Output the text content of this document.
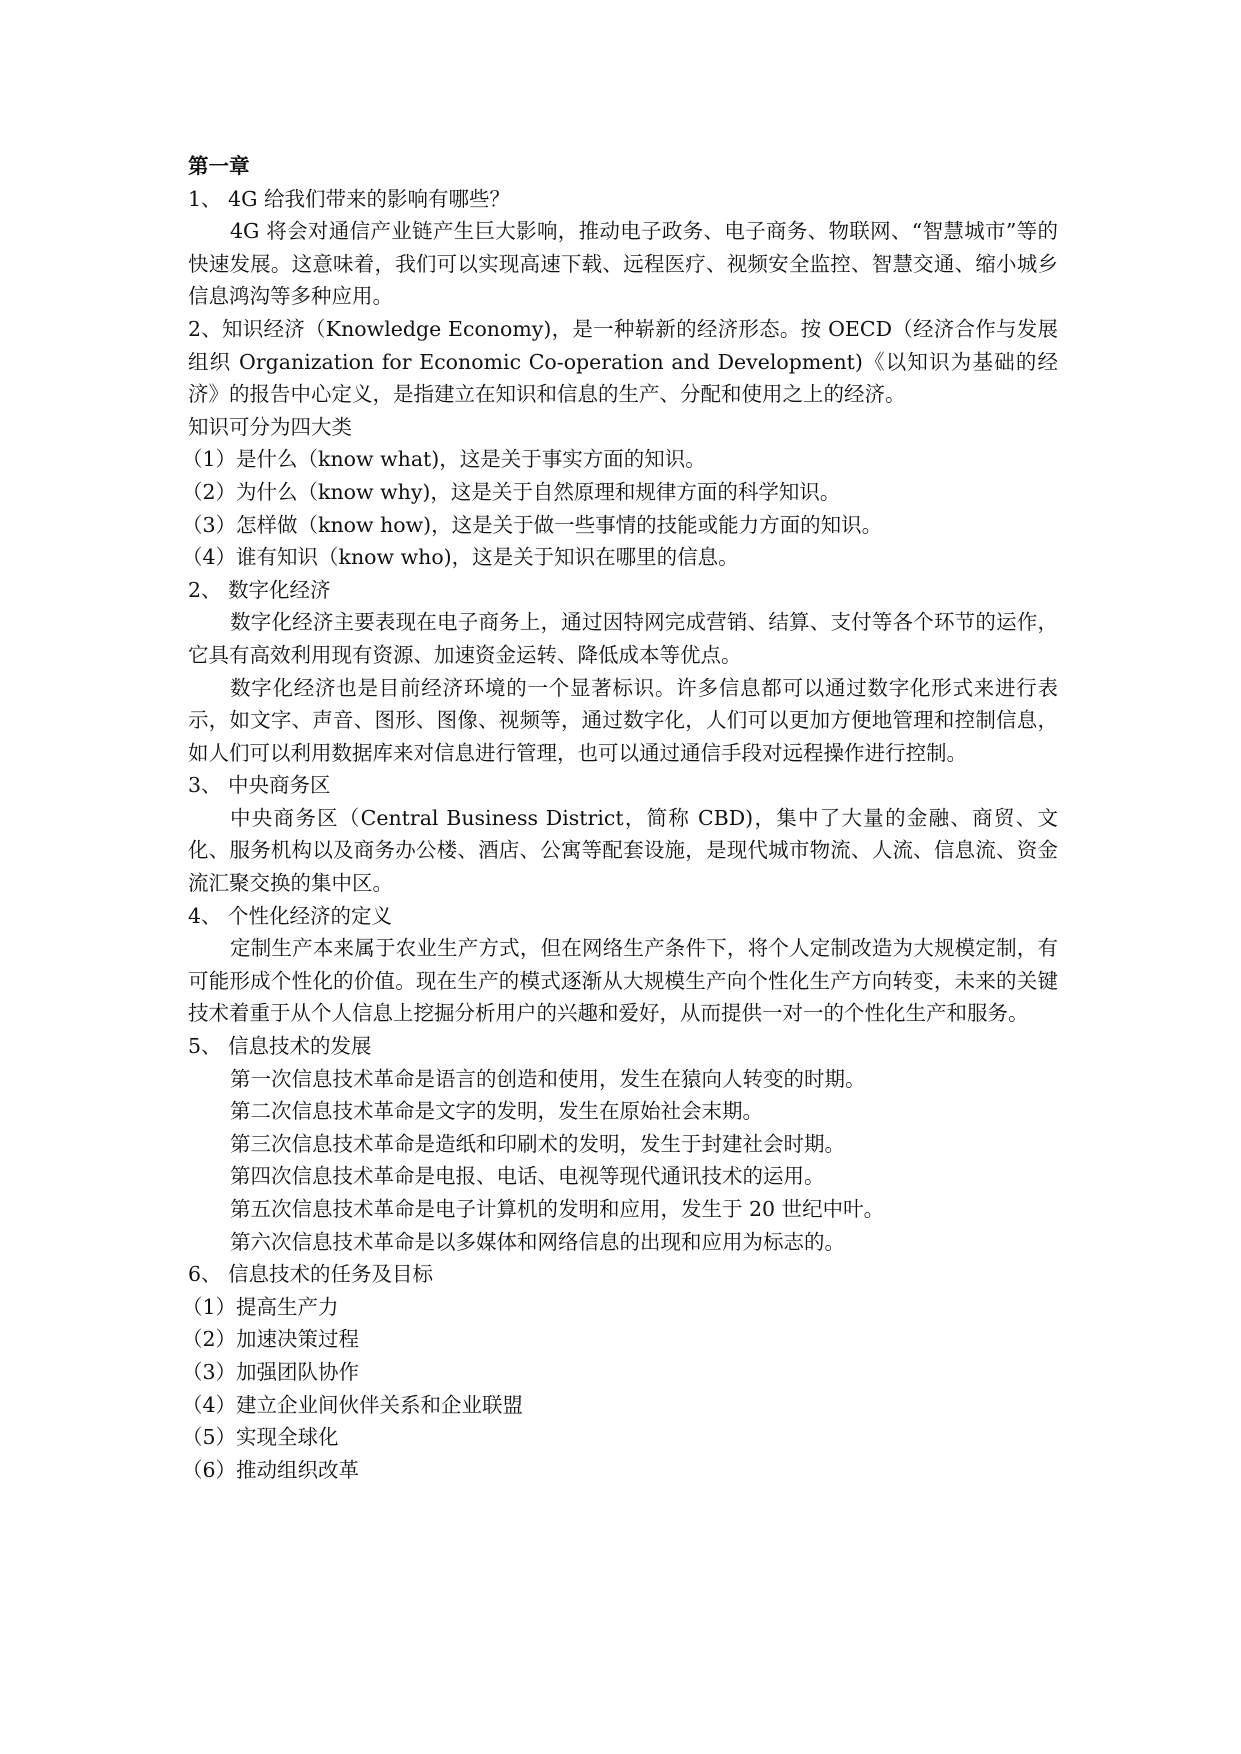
第一章

1、 4G 给我们带来的影响有哪些？

4G 将会对通信产业链产生巨大影响，推动电子政务、电子商务、物联网、“智慧城市”等的快速发展。这意味着，我们可以实现高速下载、远程医疗、视频安全监控、智慧交通、缩小城乡信息鸿沟等多种应用。

2、知识经济（Knowledge Economy)，是一种崭新的经济形态。按 OECD（经济合作与发展组织 Organization for Economic Co-operation and Development)《以知识为基础的经济》的报告中心定义，是指建立在知识和信息的生产、分配和使用之上的经济。

知识可分为四大类

（1）是什么（know what)，这是关于事实方面的知识。

（2）为什么（know why)，这是关于自然原理和规律方面的科学知识。

（3）怎样做（know how)，这是关于做一些事情的技能或能力方面的知识。

（4）谁有知识（know who)，这是关于知识在哪里的信息。

2、 数字化经济

数字化经济主要表现在电子商务上，通过因特网完成营销、结算、支付等各个环节的运作，它具有高效利用现有资源、加速资金运转、降低成本等优点。

数字化经济也是目前经济环境的一个显著标识。许多信息都可以通过数字化形式来进行表示，如文字、声音、图形、图像、视频等，通过数字化，人们可以更加方便地管理和控制信息，如人们可以利用数据库来对信息进行管理，也可以通过通信手段对远程操作进行控制。

3、 中央商务区

中央商务区（Central Business District，简称 CBD)，集中了大量的金融、商贸、文化、服务机构以及商务办公楼、酒店、公寓等配套设施，是现代城市物流、人流、信息流、资金流汇聚交换的集中区。

4、 个性化经济的定义

定制生产本来属于农业生产方式，但在网络生产条件下，将个人定制改造为大规模定制，有可能形成个性化的价值。现在生产的模式逐渐从大规模生产向个性化生产方向转变，未来的关键技术着重于从个人信息上挖掘分析用户的兴趣和爱好，从而提供一对一的个性化生产和服务。

5、 信息技术的发展

第一次信息技术革命是语言的创造和使用，发生在猿向人转变的时期。

第二次信息技术革命是文字的发明，发生在原始社会末期。

第三次信息技术革命是造纸和印刷术的发明，发生于封建社会时期。

第四次信息技术革命是电报、电话、电视等现代通讯技术的运用。

第五次信息技术革命是电子计算机的发明和应用，发生于 20 世纪中叶。

第六次信息技术革命是以多媒体和网络信息的出现和应用为标志的。

6、 信息技术的任务及目标

（1）提高生产力

（2）加速决策过程

（3）加强团队协作

（4）建立企业间伙伴关系和企业联盟

（5）实现全球化

（6）推动组织改革
